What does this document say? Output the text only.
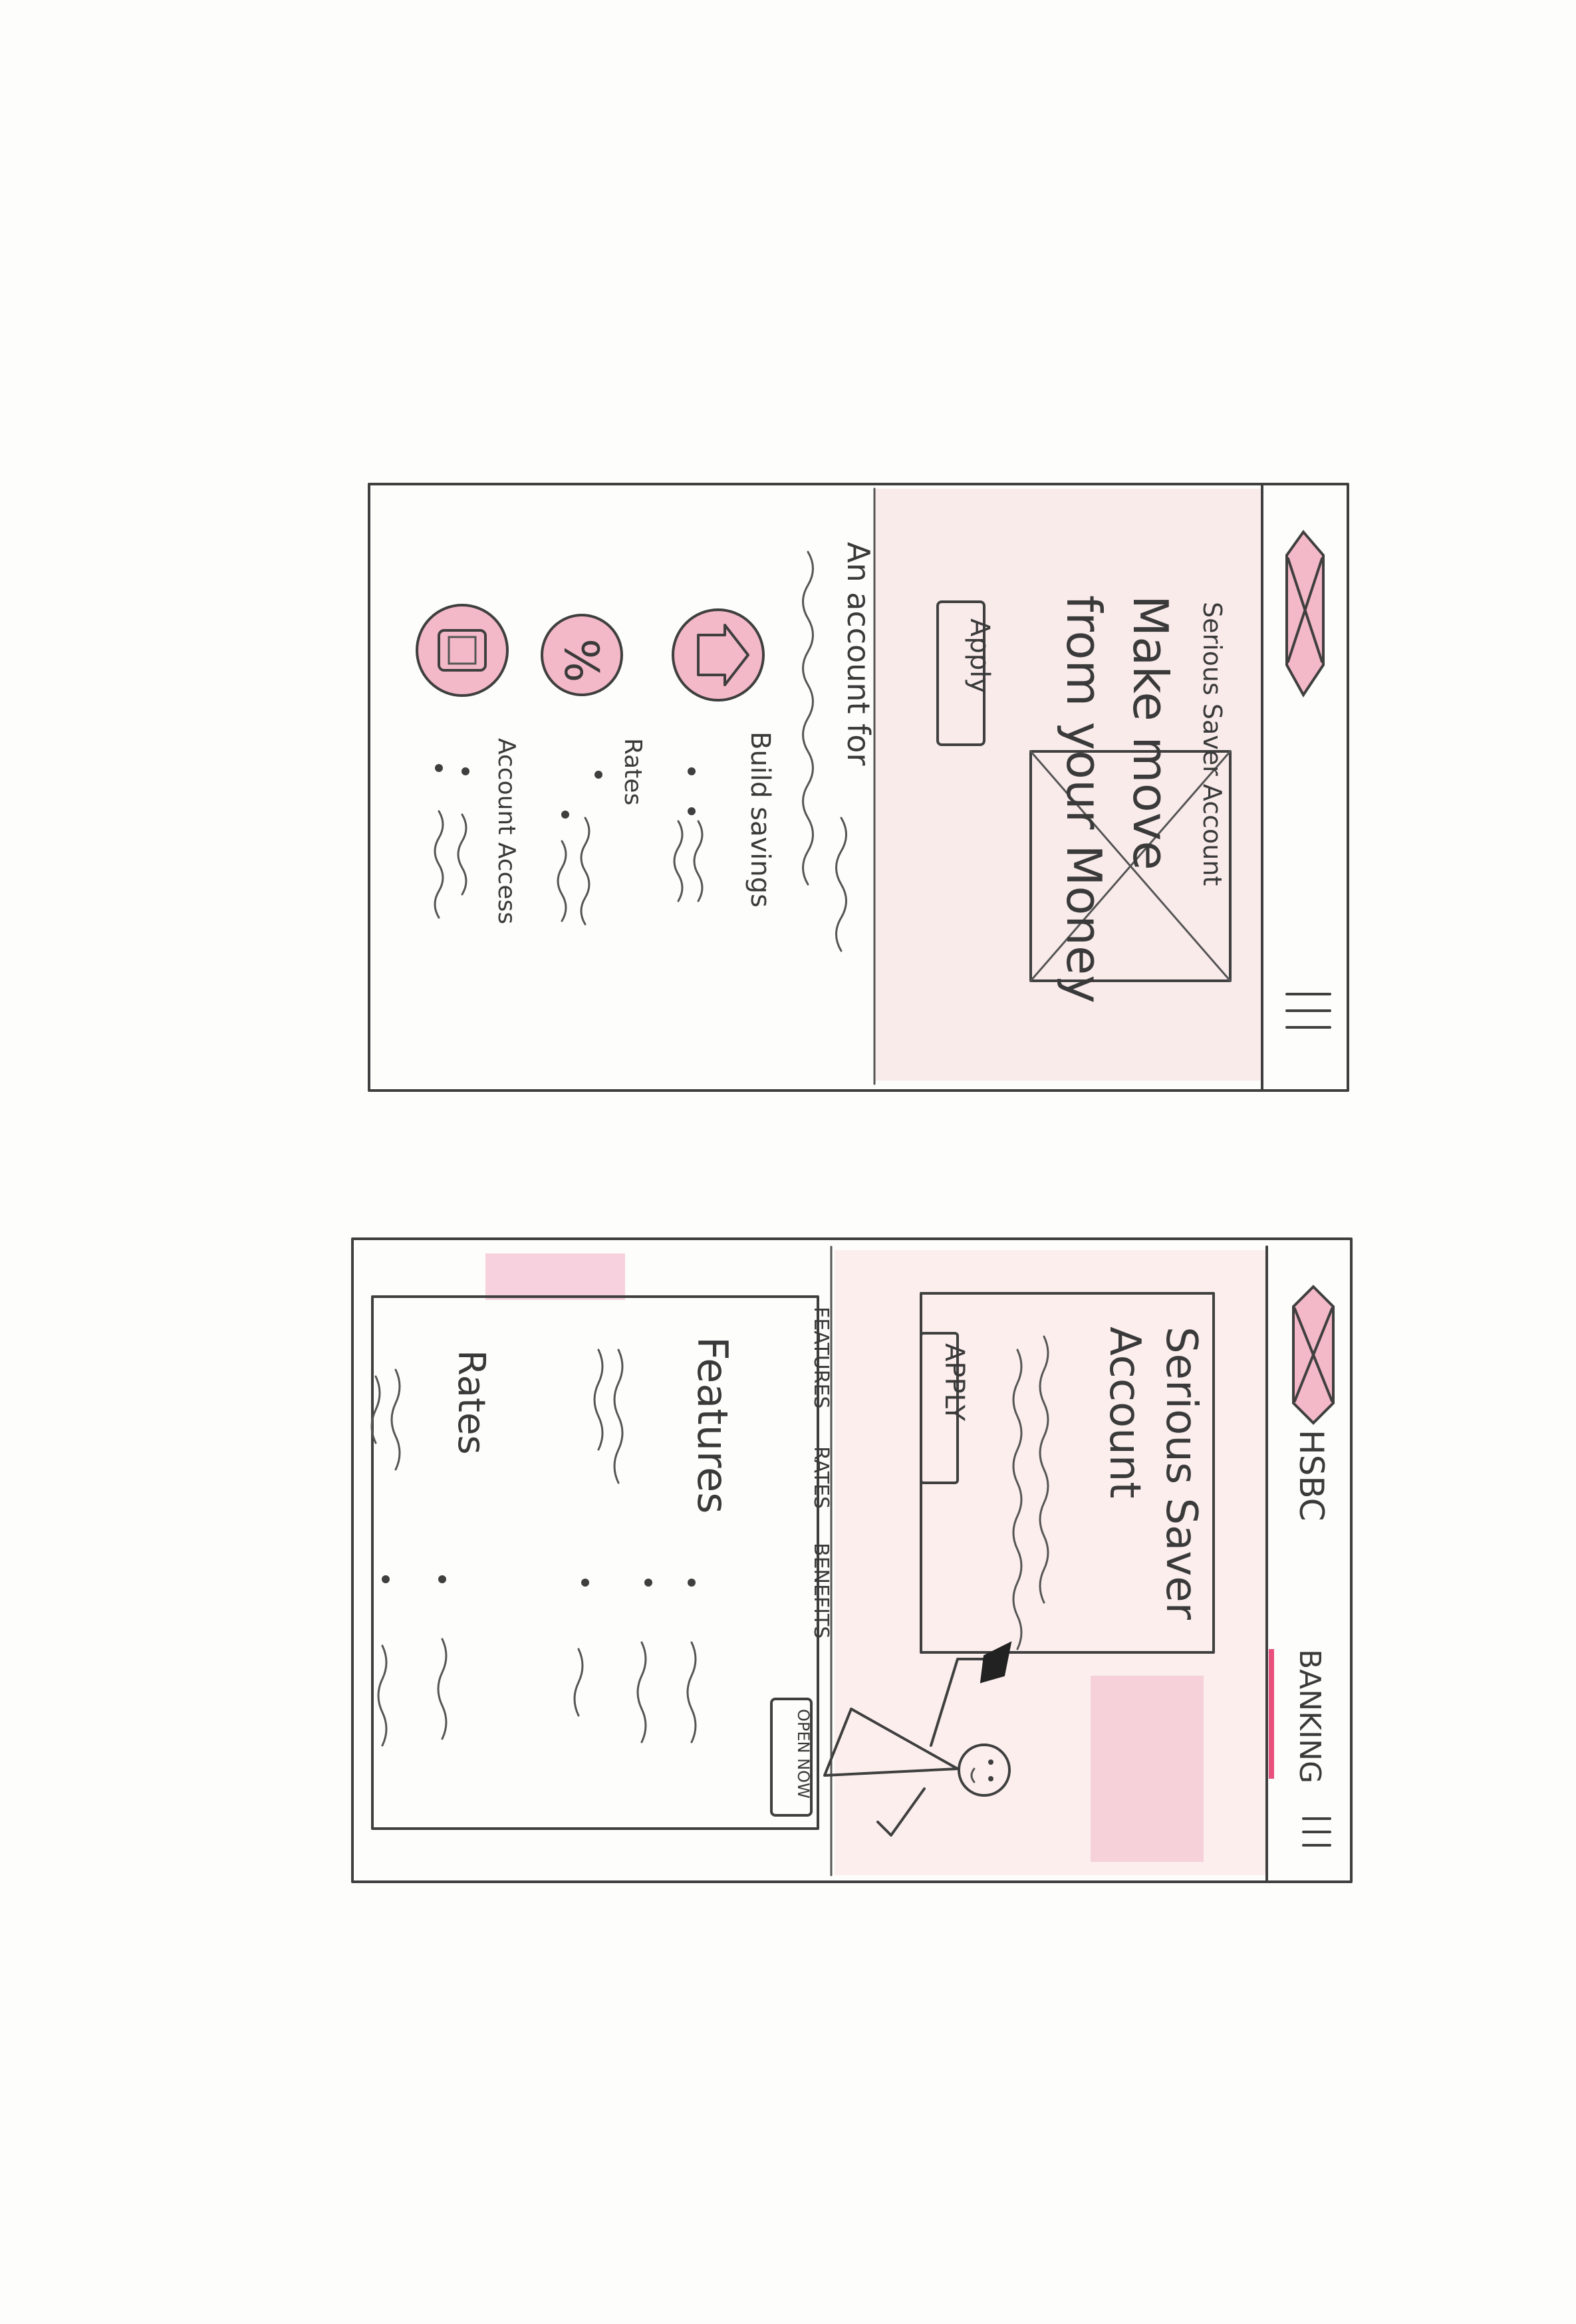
Serious Saver Account
Make move
from your Money
Apply
An account for
Build savings
%
Rates
Account Access
HSBC
BANKING
Serious Saver
Account
APPLY
FEATURES
RATES
BENEFITS
OPEN NOW
Features
Rates
